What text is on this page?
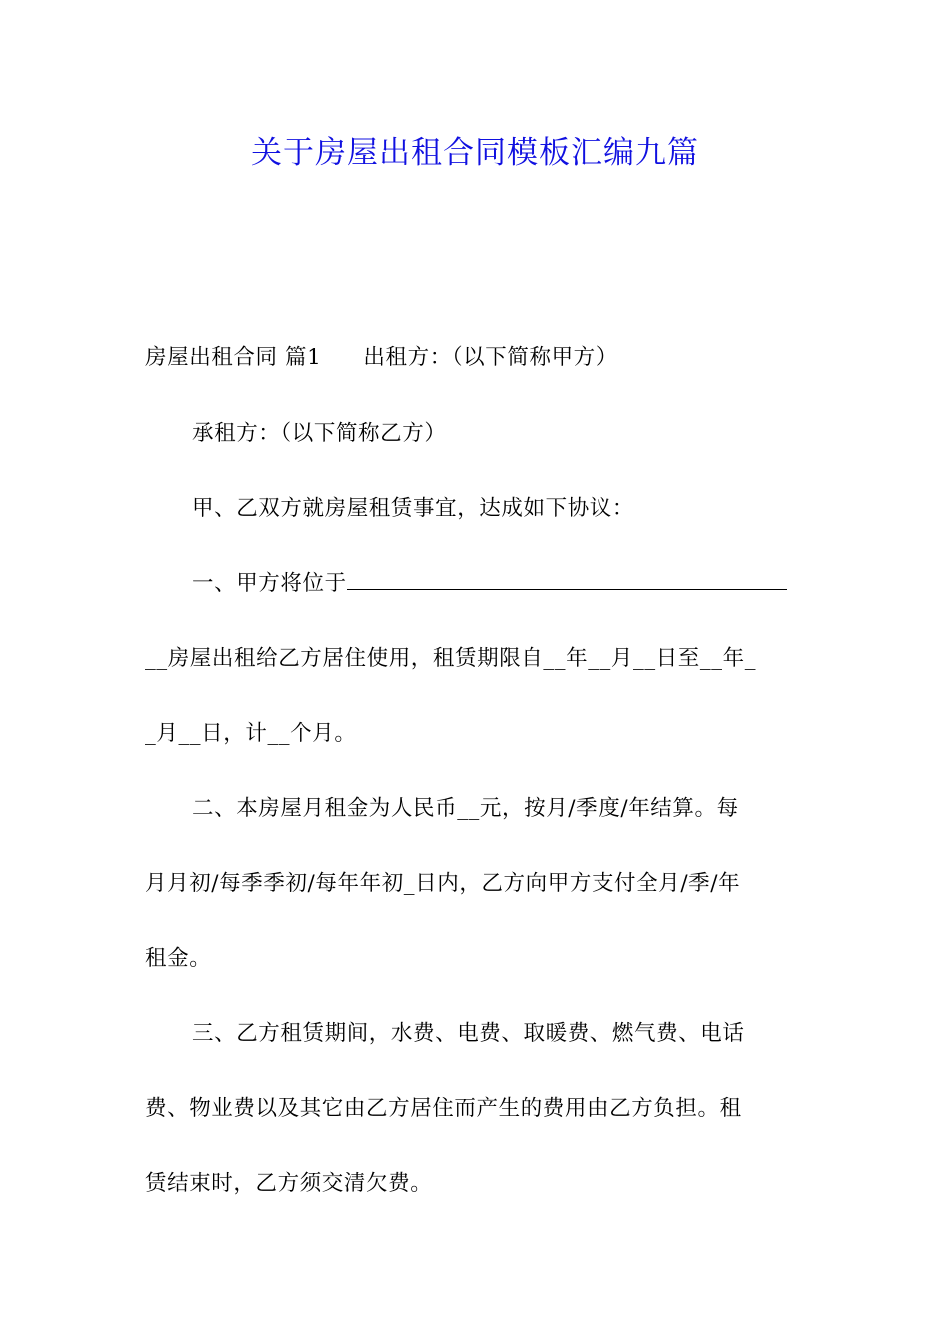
关于房屋出租合同模板汇编九篇
房屋出租合同 篇1 出租方：（以下简称甲方）
承租方：（以下简称乙方）
甲、乙双方就房屋租赁事宜，达成如下协议：
一、甲方将位于
__房屋出租给乙方居住使用，租赁期限自__年__月__日至__年_
_月__日，计__个月。
二、本房屋月租金为人民币__元，按月/季度/年结算。每
月月初/每季季初/每年年初_日内，乙方向甲方支付全月/季/年
租金。
三、乙方租赁期间，水费、电费、取暖费、燃气费、电话
费、物业费以及其它由乙方居住而产生的费用由乙方负担。租
赁结束时，乙方须交清欠费。
